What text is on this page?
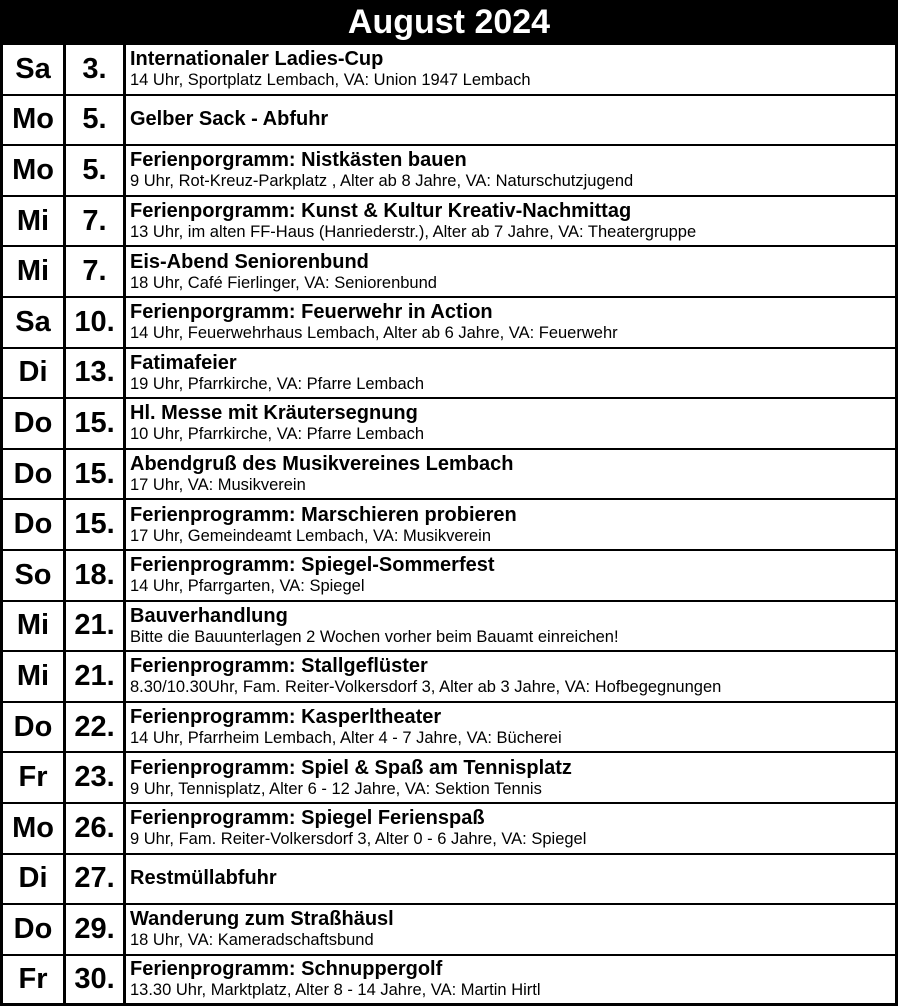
August 2024
Sa	3.	Internationaler Ladies-Cup
14 Uhr, Sportplatz Lembach, VA: Union 1947 Lembach
Mo 5.	Gelber Sack - Abfuhr
Mo 5.	Ferienporgramm: Nistkästen bauen
9 Uhr, Rot-Kreuz-Parkplatz , Alter ab 8 Jahre, VA: Naturschutzjugend
Mi	7.	Ferienporgramm: Kunst & Kultur Kreativ-Nachmittag
13 Uhr, im alten FF-Haus (Hanriederstr.), Alter ab 7 Jahre, VA: Theatergruppe
Mi	7.	Eis-Abend Seniorenbund
18 Uhr, Café Fierlinger, VA: Seniorenbund
Sa 10. Ferienporgramm: Feuerwehr in Action
14 Uhr, Feuerwehrhaus Lembach, Alter ab 6 Jahre, VA: Feuerwehr
Di 13. Fatimafeier
19 Uhr, Pfarrkirche, VA: Pfarre Lembach
Do 15. Hl. Messe mit Kräutersegnung
10 Uhr, Pfarrkirche, VA: Pfarre Lembach
Do 15. Abendgruß des Musikvereines Lembach
17 Uhr, VA: Musikverein
Do 15. Ferienprogramm: Marschieren probieren
17 Uhr, Gemeindeamt Lembach, VA: Musikverein
So 18. Ferienprogramm: Spiegel-Sommerfest
14 Uhr, Pfarrgarten, VA: Spiegel
Mi 21. Bauverhandlung
Bitte die Bauunterlagen 2 Wochen vorher beim Bauamt einreichen!
Mi 21. Ferienprogramm: Stallgeflüster
8.30/10.30Uhr, Fam. Reiter-Volkersdorf 3, Alter ab 3 Jahre, VA: Hofbegegnungen
Do 22. Ferienprogramm: Kasperltheater
14 Uhr, Pfarrheim Lembach, Alter 4 - 7 Jahre, VA: Bücherei
Fr 23. Ferienprogramm: Spiel & Spaß am Tennisplatz
9 Uhr, Tennisplatz, Alter 6 - 12 Jahre, VA: Sektion Tennis
Mo 26. Ferienprogramm: Spiegel Ferienspaß
9 Uhr, Fam. Reiter-Volkersdorf 3, Alter 0 - 6 Jahre, VA: Spiegel
Di 27. Restmüllabfuhr
Do 29. Wanderung zum Straßhäusl
18 Uhr, VA: Kameradschaftsbund
Fr 30. Ferienprogramm: Schnuppergolf
13.30 Uhr, Marktplatz, Alter 8 - 14 Jahre, VA: Martin Hirtl
